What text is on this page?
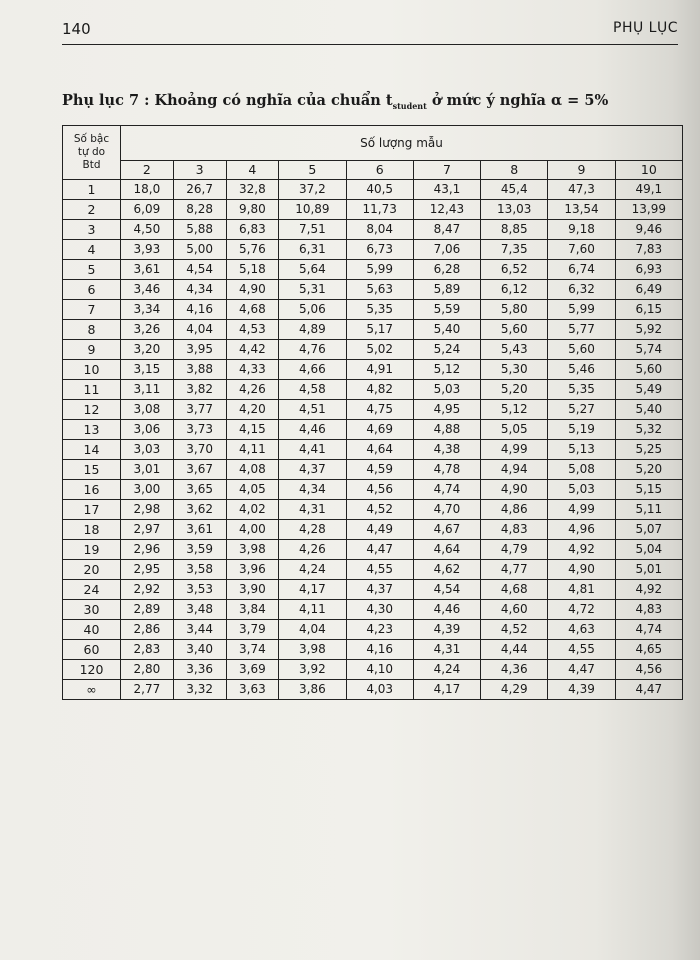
140	PHỤ LỤC
Phụ lục 7 : Khoảng có nghĩa của chuẩn $t_{student}$ ở mức ý nghĩa α = 5%
Số bậc
tự do
Btd	Số lượng mẫu								
	2	3	4	5	6	7	8	9	10
1	18,0	26,7	32,8	37,2	40,5	43,1	45,4	47,3	49,1
2	6,09	8,28	9,80	10,89	11,73	12,43	13,03	13,54	13,99
3	4,50	5,88	6,83	7,51	8,04	8,47	8,85	9,18	9,46
4	3,93	5,00	5,76	6,31	6,73	7,06	7,35	7,60	7,83
5	3,61	4,54	5,18	5,64	5,99	6,28	6,52	6,74	6,93
6	3,46	4,34	4,90	5,31	5,63	5,89	6,12	6,32	6,49
7	3,34	4,16	4,68	5,06	5,35	5,59	5,80	5,99	6,15
8	3,26	4,04	4,53	4,89	5,17	5,40	5,60	5,77	5,92
9	3,20	3,95	4,42	4,76	5,02	5,24	5,43	5,60	5,74
10	3,15	3,88	4,33	4,66	4,91	5,12	5,30	5,46	5,60
11	3,11	3,82	4,26	4,58	4,82	5,03	5,20	5,35	5,49
12	3,08	3,77	4,20	4,51	4,75	4,95	5,12	5,27	5,40
13	3,06	3,73	4,15	4,46	4,69	4,88	5,05	5,19	5,32
14	3,03	3,70	4,11	4,41	4,64	4,38	4,99	5,13	5,25
15	3,01	3,67	4,08	4,37	4,59	4,78	4,94	5,08	5,20
16	3,00	3,65	4,05	4,34	4,56	4,74	4,90	5,03	5,15
17	2,98	3,62	4,02	4,31	4,52	4,70	4,86	4,99	5,11
18	2,97	3,61	4,00	4,28	4,49	4,67	4,83	4,96	5,07
19	2,96	3,59	3,98	4,26	4,47	4,64	4,79	4,92	5,04
20	2,95	3,58	3,96	4,24	4,55	4,62	4,77	4,90	5,01
24	2,92	3,53	3,90	4,17	4,37	4,54	4,68	4,81	4,92
30	2,89	3,48	3,84	4,11	4,30	4,46	4,60	4,72	4,83
40	2,86	3,44	3,79	4,04	4,23	4,39	4,52	4,63	4,74
60	2,83	3,40	3,74	3,98	4,16	4,31	4,44	4,55	4,65
120	2,80	3,36	3,69	3,92	4,10	4,24	4,36	4,47	4,56
∞	2,77	3,32	3,63	3,86	4,03	4,17	4,29	4,39	4,47
